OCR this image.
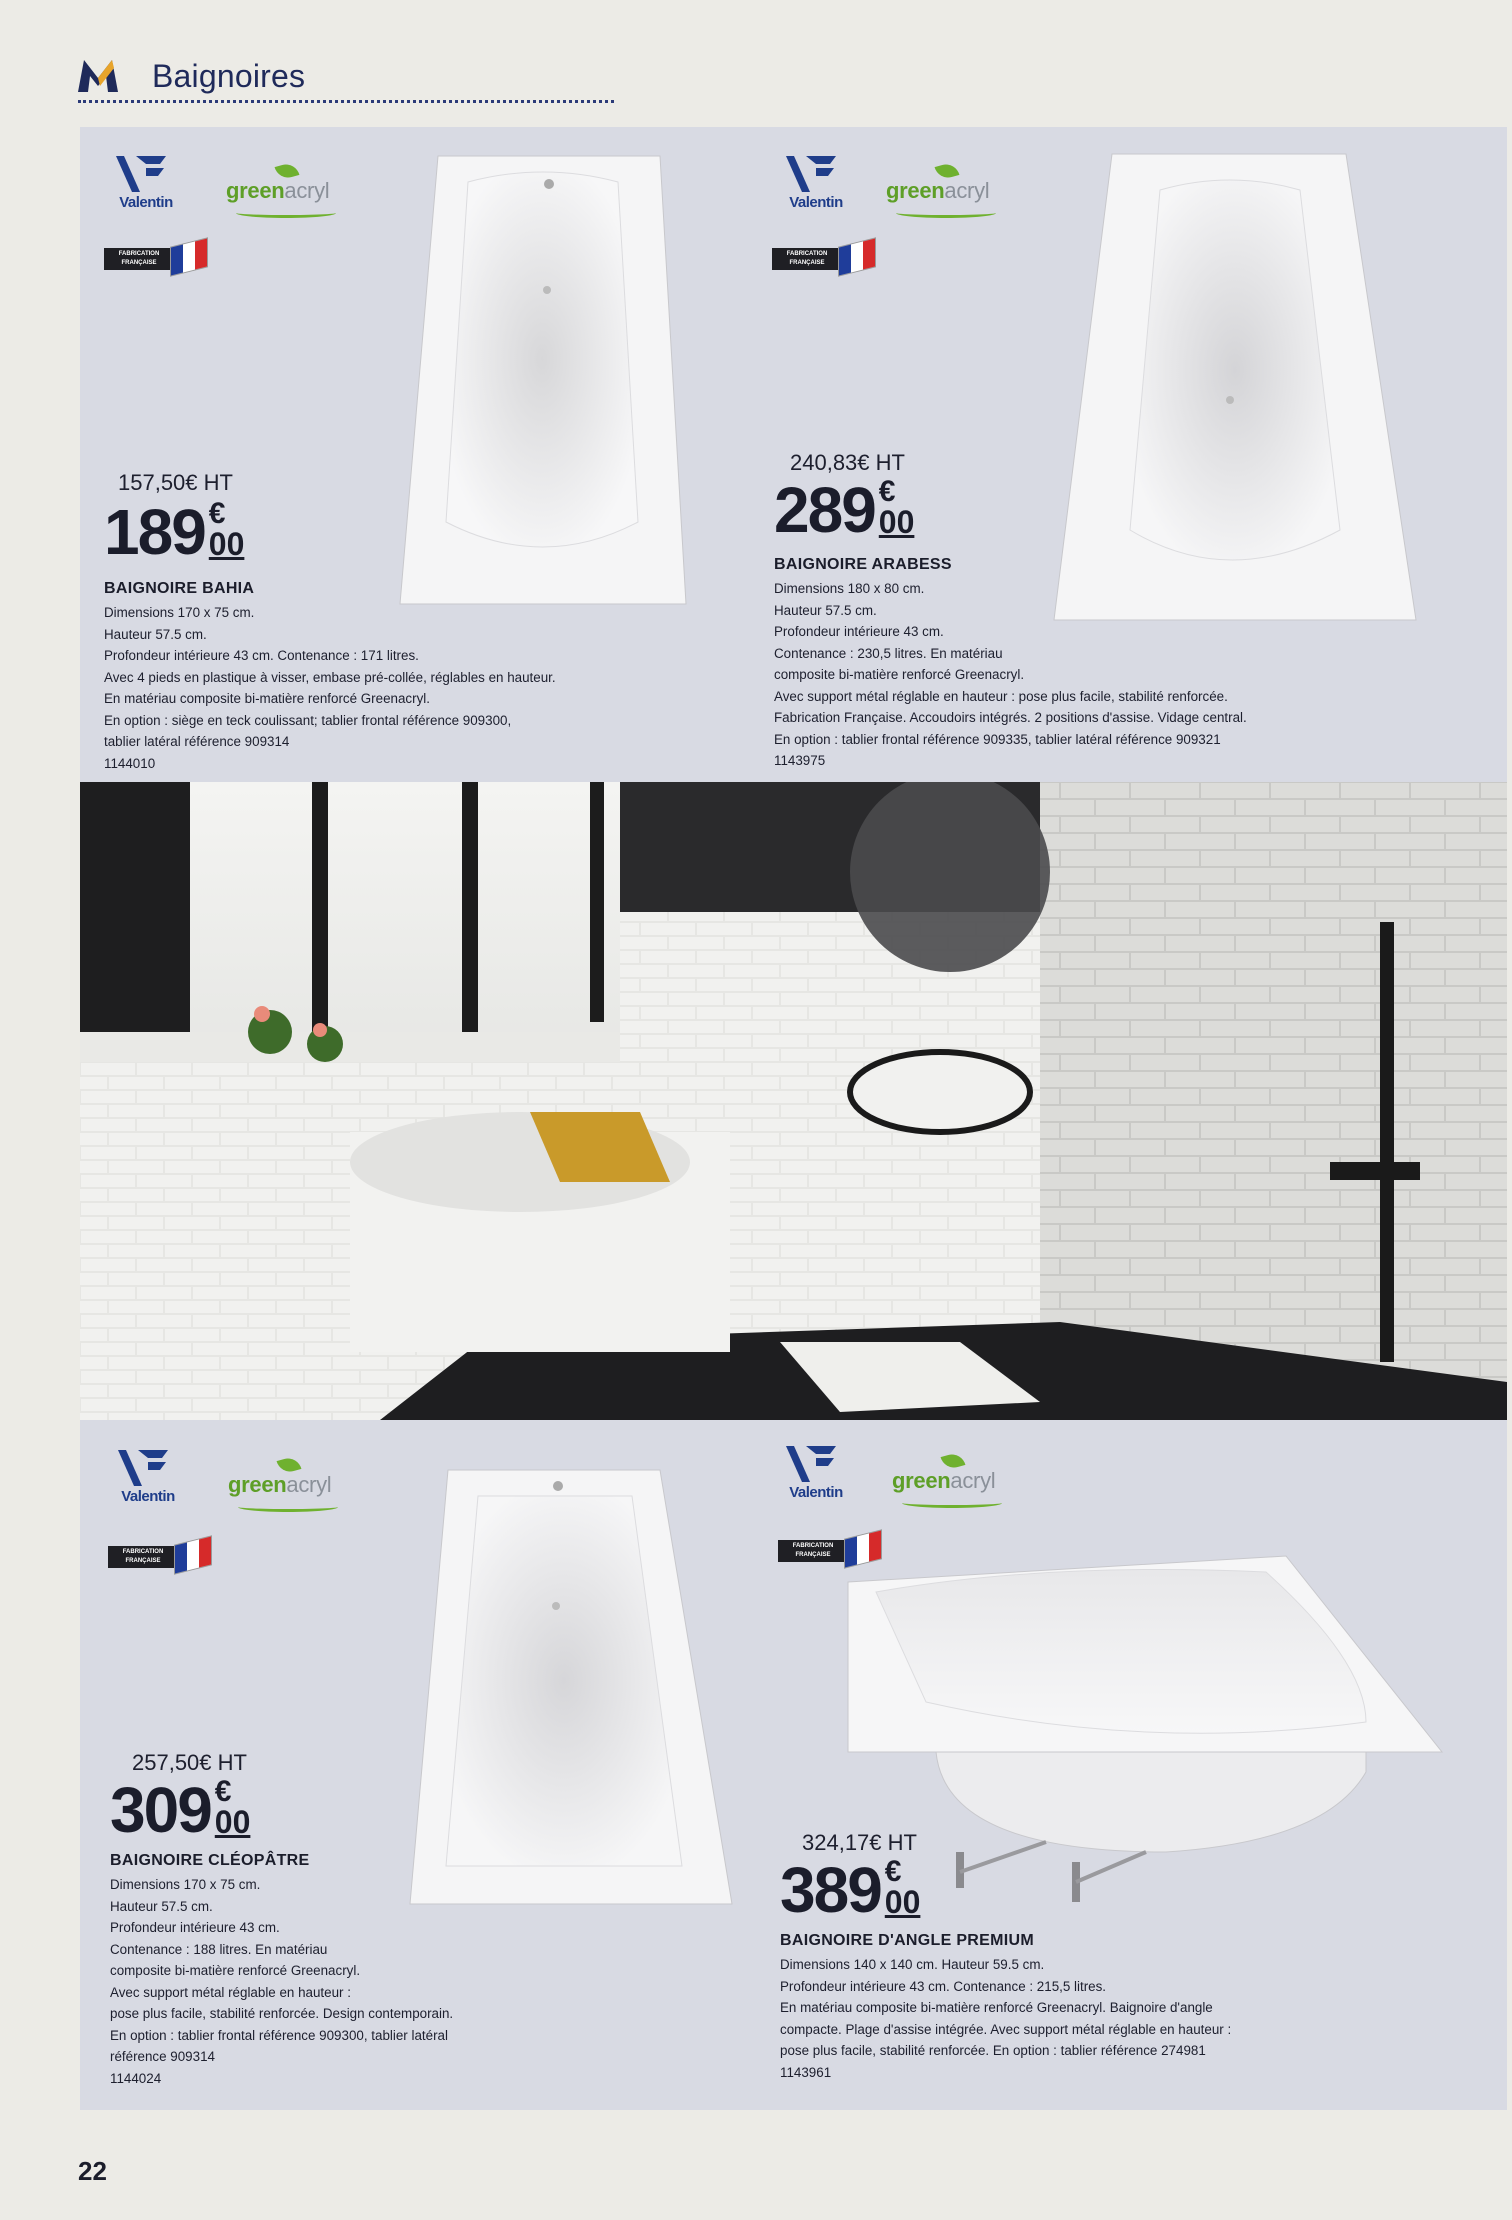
Baignoires
Valentin	greenacryl
FABRICATION
FRANÇAISE
157,50€ HT
189 €
00
BAIGNOIRE BAHIA
Dimensions 170 x 75 cm.
Hauteur 57.5 cm.
Profondeur intérieure 43 cm. Contenance : 171 litres.
Avec 4 pieds en plastique à visser, embase pré-collée, réglables en hauteur.
En matériau composite bi-matière renforcé Greenacryl.
En option : siège en teck coulissant; tablier frontal référence 909300,
tablier latéral référence 909314
1144010
Valentin	greenacryl
FABRICATION
FRANÇAISE
240,83€ HT
289 €
00
BAIGNOIRE ARABESS
Dimensions 180 x 80 cm.
Hauteur 57.5 cm.
Profondeur intérieure 43 cm.
Contenance : 230,5 litres. En matériau
composite bi-matière renforcé Greenacryl.
Avec support métal réglable en hauteur : pose plus facile, stabilité renforcée.
Fabrication Française. Accoudoirs intégrés. 2 positions d'assise. Vidage central.
En option : tablier frontal référence 909335, tablier latéral référence 909321
1143975
Valentin	greenacryl
FABRICATION
FRANÇAISE
257,50€ HT
309 €
00
BAIGNOIRE CLÉOPÂTRE
Dimensions 170 x 75 cm.
Hauteur 57.5 cm.
Profondeur intérieure 43 cm.
Contenance : 188 litres. En matériau
composite bi-matière renforcé Greenacryl.
Avec support métal réglable en hauteur :
pose plus facile, stabilité renforcée. Design contemporain.
En option : tablier frontal référence 909300, tablier latéral
référence 909314
1144024
Valentin	greenacryl
FABRICATION
FRANÇAISE
324,17€ HT
389 €
00
BAIGNOIRE D'ANGLE PREMIUM
Dimensions 140 x 140 cm. Hauteur 59.5 cm.
Profondeur intérieure 43 cm. Contenance : 215,5 litres.
En matériau composite bi-matière renforcé Greenacryl. Baignoire d'angle
compacte. Plage d'assise intégrée. Avec support métal réglable en hauteur :
pose plus facile, stabilité renforcée. En option : tablier référence 274981
1143961
22
